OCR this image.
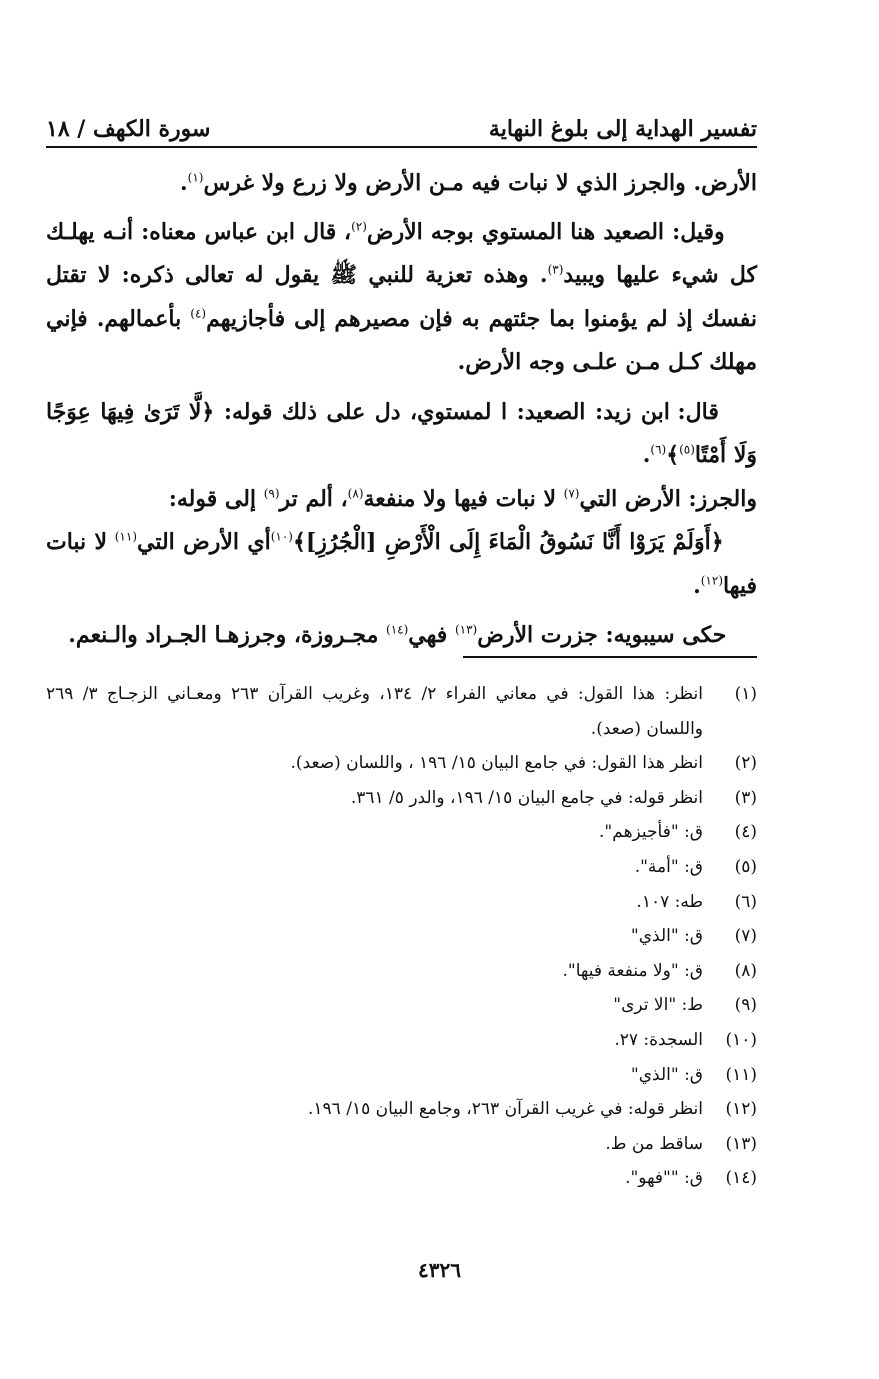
تفسير الهداية إلى بلوغ النهاية
سورة الكهف / ١٨

الأرض. والجرز الذي لا نبات فيه مـن الأرض ولا زرع ولا غرس$^{(١)}$.

وقيل: الصعيد هنا المستوي بوجه الأرض$^{(٢)}$، قال ابن عباس معناه: أنـه يهلـك كل شيء عليها ويبيد$^{(٣)}$. وهذه تعزية للنبي ﷺ يقول له تعالى ذكره: لا تقتل نفسك إذ لم يؤمنوا بما جئتهم به فإن مصيرهم إلى فأجازيهم$^{(٤)}$ بأعمالهم. فإني مهلك كـل مـن علـى وجه الأرض.

قال: ابن زيد: الصعيد: ا لمستوي، دل على ذلك قوله: ﴿لَّا تَرَىٰ فِيهَا عِوَجًا وَلَا أَمْتًا$^{(٥)}$﴾$^{(٦)}$.
والجرز: الأرض التي$^{(٧)}$ لا نبات فيها ولا منفعة$^{(٨)}$، ألم تر$^{(٩)}$ إلى قوله:
﴿أَوَلَمْ يَرَوْا أَنَّا نَسُوقُ الْمَاءَ إِلَى الْأَرْضِ [الْجُرُزِ]﴾$^{(١٠)}$أي الأرض التي$^{(١١)}$ لا نبات فيها$^{(١٢)}$.

حكى سيبويه: جزرت الأرض$^{(١٣)}$ فهي$^{(١٤)}$ مجـروزة، وجرزهـا الجـراد والـنعم.

(١)
انظر: هذا القول: في معاني الفراء ٢/ ١٣٤، وغريب القرآن ٢٦٣ ومعـاني الزجـاج ٣/ ٢٦٩ واللسان (صعد).
(٢)
انظر هذا القول: في جامع البيان ١٥/ ١٩٦ ، واللسان (صعد).
(٣)
انظر قوله: في جامع البيان ١٥/ ١٩٦، والدر ٥/ ٣٦١.
(٤)
ق: "فأجيزهم".
(٥)
ق: "أمة".
(٦)
طه: ١٠٧.
(٧)
ق: "الذي"
(٨)
ق: "ولا منفعة فيها".
(٩)
ط: "الا ترى"
(١٠)
السجدة: ٢٧.
(١١)
ق: "الذي"
(١٢)
انظر قوله: في غريب القرآن ٢٦٣، وجامع البيان ١٥/ ١٩٦.
(١٣)
ساقط من ط.
(١٤)
ق: ""فهو".
٤٣٢٦
